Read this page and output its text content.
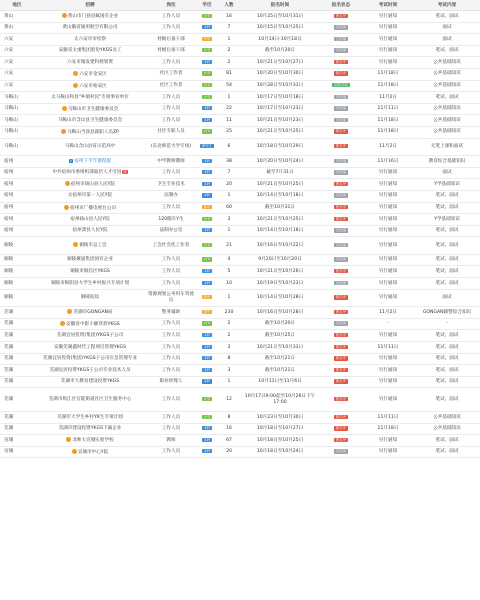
地区	招聘	岗位	学历	人数	报名时间	报名状态	考试时间	考试内容
黄山	黄山市门县县属国有企业	工作人员	大专	16	10月25日至10月31日	报名中	另行通知	笔试、面试
黄山	黄山徽省通用航空有限公司	工作人员	本科	7	10月15日至10月25日	已结束	另行通知	面试
六安	太六安市市检察	村级后备干部	中专	1	10月14日-10月18日	已结束	另行通知	面试
六安	安徽省太重集团股份YKGS员工	村级后备干部	大专	2	截至10月20日	已结束	另行通知	笔试、面试
六安	六安市城发建科规划资	工作人员	本科	2	10月21日至10月27日	报名中	另行通知	公共基础知识
六安	六安市金安区	社区工作者	大专	81	10月20日至10月30日	报名中	11月18日	公共基础知识
六安	六安市裕安区	社区工作者	大专	54	10月28日至10月31日	即将开始	11月18日	公共基础知识
马鞍山	太马鞍山和县"乡镇村民"专项事业单位	工作人员	大专	1	10月17日至10月18日	已结束	11月2日	笔试、面试
马鞍山	马鞍山市卫生健康委员会	工作人员	本科	22	10月17日至10月23日	已结束	11月11日	公共基础知识
马鞍山	马鞍山市含山县卫生健康委员会	工作人员	本科	11	10月21日至10月23日	已结束	11月18日	公共基础知识
马鞍山	马鞍山当涂县就职人员ZP	社区专职人员	大专	25	10月21日至10月25日	报名中	11月18日	公共基础知识
马鞍山	马鞍山含山县省示范高中	(东北师范大学专场)	研究生	6	10月18日至10月29日	报名中	11月2日	无笔上课和面试
宿州	V 宿州下半年课程服	中学教师教师	本科	38	10月20日至10月24日	已结束	11月16日	教育综合基础知识
宿州	中共宿州市委组织部面层人才引进 热	工作人员	本科	7	截至7月31日	已结束	另行通知	面试
宿州	宿州市砀山县人民Y院	卫生专业技术	本科	20	10月21日至10月25日	报名中	另行通知	Y学基础知识
宿州	太宿州市第一人民Y院	法制办	本科	1	10月14日至10月18日	已结束	另行通知	笔试、面试
宿州	宿州市广播电视台公司	工作人员	高中	60	截至10月31日	报名中	另行通知	笔试、面试
宿州	宿州砀山县人民Y院	120随车Y生	大专	3	10月21日至10月25日	报名中	另行通知	Y学基础知识
宿州	宿州萧县人民Y院	法制办公室	本科	1	10月14日至10月18日	已结束	另行通知	笔试、面试
铜陵	铜陵市总工会	工会社会化工作者	大专	21	10月16日至10月22日	已结束	另行通知	笔试、面试
铜陵	铜陵聚晟集团国有企业	工作人员	大专	4	9月20日至10月20日	已结束	另行通知	笔试、面试
铜陵	铜陵市铜官区YKGS	工作人员	本科	5	10月21日至10月26日	报名中	另行通知	笔试、面试
铜陵	铜陵市枞阳县大学生乡村振兴专项计划	工作人员	本科	10	10月19日至10月23日	已结束	另行通知	笔试、面试
铜陵	铜陵皖钛	资源规划公务用车驾驶员	高中	1	10月14日至10月28日	报名中	另行通知	面试
芜湖	芜湖市GONGAN局	警务辅助	高中	230	10月16日至10月28日	报名中	11月2日	GONGAN辅警综合知识
芜湖	安徽省中影小额贷款YKGS	工作人员	大专	2	截至10月20日	已结束	-	-
芜湖	芜湖宜居投资(集团)YKGS子公司	工作人员	本科	2	截至10月25日	报名中	另行通知	笔试、面试
芜湖	安徽芜湖鑫时代工程项目管理YKGS	工作人员	本科	3	10月21日至10月31日	报名中	11月11日	笔试、面试
芜湖	芜湖宜居投资(集团)YKGS子公司应急管理专业	工作人员	本科	8	截至10月21日	报名中	另行通知	笔试、面试
芜湖	芜湖宜居投资YKGS子公司专业技术人员	工作人员	本科	3	截至10月21日	报名中	另行通知	笔试、面试
芜湖	芜湖市大教育建设投资YKGS	职业经理人	本科	1	10月11日至11月6日	报名中	另行通知	笔试、面试
芜湖	芜湖市鸠江区官陡街道社区卫生服务中心	工作人员	大专	12	10月17日9:00起至10月26日下午17:00	报名中	另行通知	笔试、面试
芜湖	芜湖市大学生乡村YK生专项计划	工作人员	大专	8	10月23日至10月30日	报名中	11月11日	公共基础知识
芜湖	芜湖市建设投资YKGS下属企业	工作人员	本科	16	10月18日至10月27日	报名中	11月18日	公共基础知识
宣城	北师大宣城实验学校	教师	本科	67	10月18日至10月25日	报名中	另行通知	笔试、面试
宣城	宣城市中心Y院	工作人员	本科	20	10月18日至10月24日	已结束	另行通知	笔试、面试
